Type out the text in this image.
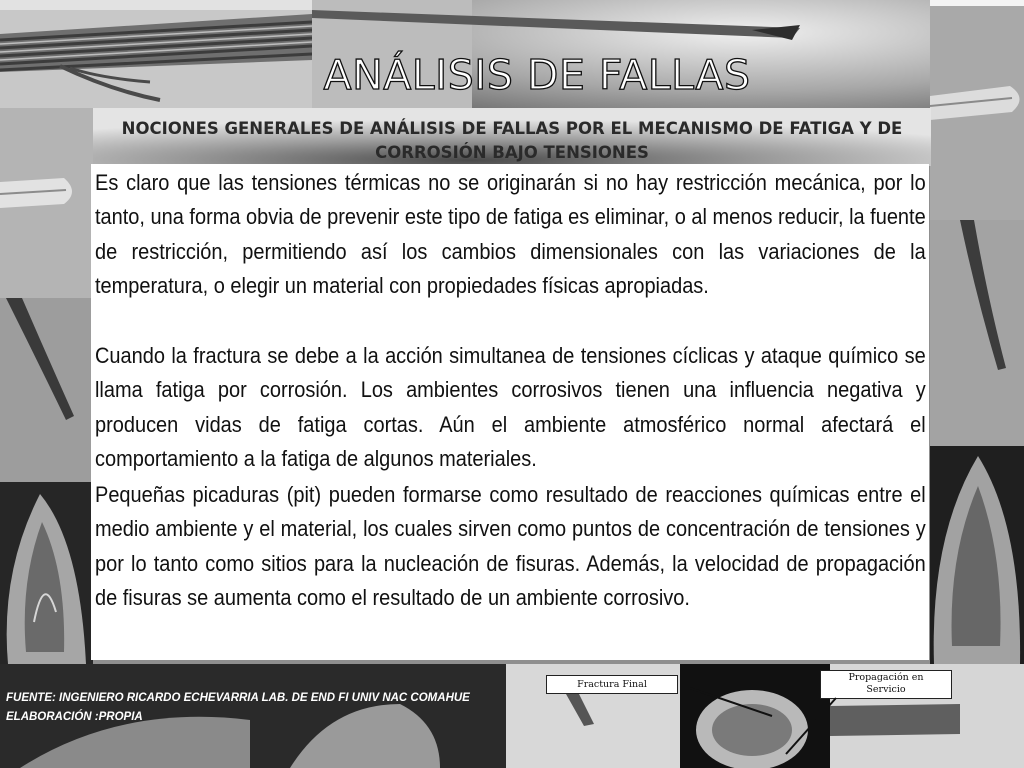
ANÁLISIS DE FALLAS
NOCIONES GENERALES DE ANÁLISIS DE FALLAS POR EL MECANISMO DE FATIGA Y DE CORROSIÓN BAJO TENSIONES

Es claro que las tensiones térmicas no se originarán si no hay restricción mecánica, por lo tanto, una forma obvia de prevenir este tipo de fatiga es eliminar, o al menos reducir, la fuente de restricción, permitiendo así los cambios dimensionales con las variaciones de la temperatura, o elegir un material con propiedades físicas apropiadas.

Cuando la fractura se debe a la acción simultanea de tensiones cíclicas y ataque químico se llama fatiga por corrosión. Los ambientes corrosivos tienen una influencia negativa y producen vidas de fatiga cortas. Aún el ambiente atmosférico normal afectará el comportamiento a la fatiga de algunos materiales.

Pequeñas picaduras (pit) pueden formarse como resultado de reacciones químicas entre el medio ambiente y el material, los cuales sirven como puntos de concentración de tensiones y por lo tanto como sitios para la nucleación de fisuras. Además, la velocidad de propagación de fisuras se aumenta como el resultado de un ambiente corrosivo.

FUENTE: INGENIERO RICARDO ECHEVARRIA LAB. DE END FI UNIV NAC COMAHUE
ELABORACIÓN :PROPIA
Fractura Final
Propagación en
Servicio
